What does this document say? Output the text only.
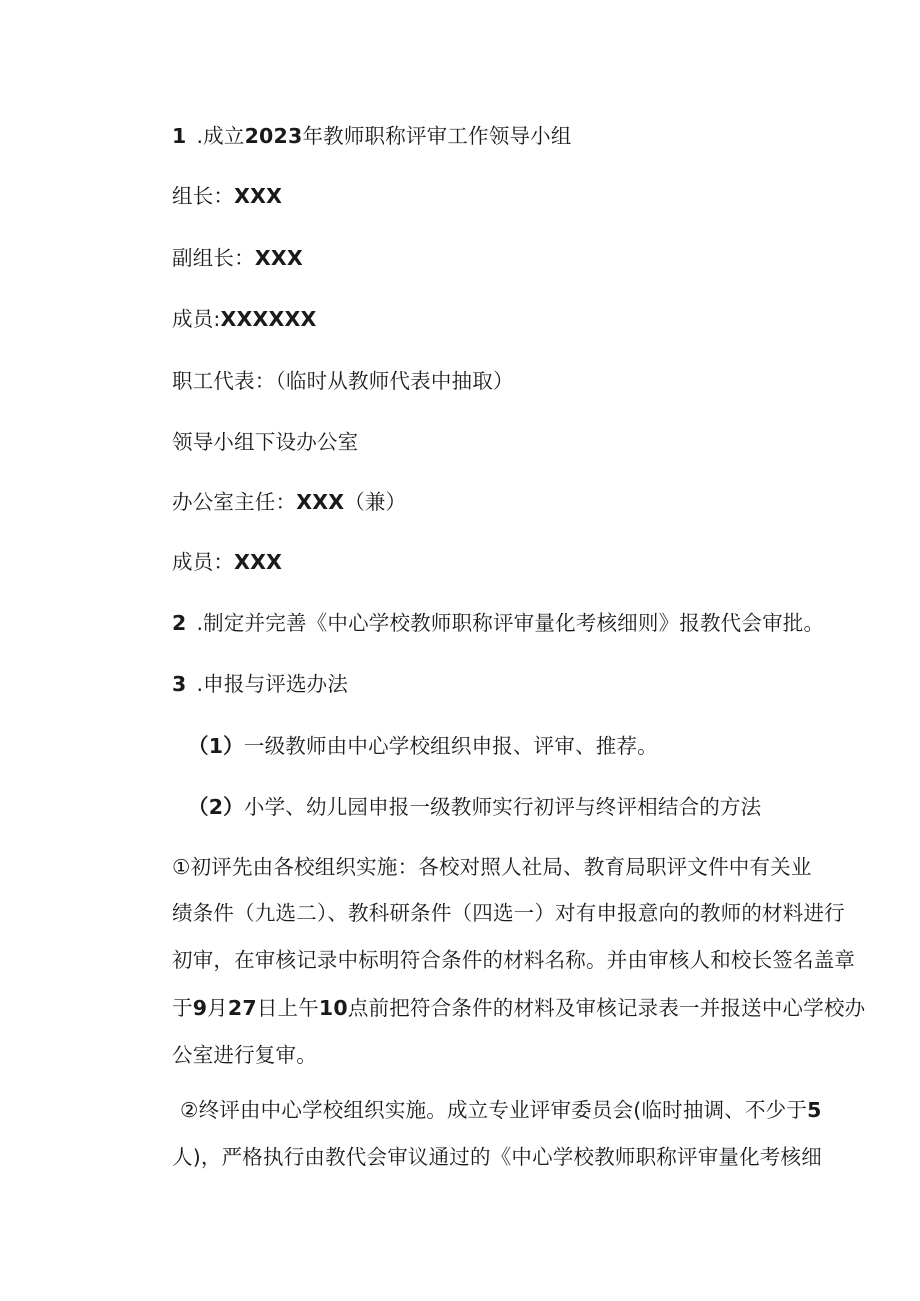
1 .成立2023年教师职称评审工作领导小组
组长：XXX
副组长：XXX
成员:XXXXXX
职工代表：（临时从教师代表中抽取）
领导小组下设办公室
办公室主任：XXX（兼）
成员：XXX
2 .制定并完善《中心学校教师职称评审量化考核细则》报教代会审批。
3 .申报与评选办法
（1）一级教师由中心学校组织申报、评审、推荐。
（2）小学、幼儿园申报一级教师实行初评与终评相结合的方法
①初评先由各校组织实施：各校对照人社局、教育局职评文件中有关业
绩条件（九选二）、教科研条件（四选一）对有申报意向的教师的材料进行
初审，在审核记录中标明符合条件的材料名称。并由审核人和校长签名盖章
于9月27日上午10点前把符合条件的材料及审核记录表一并报送中心学校办
公室进行复审。
②终评由中心学校组织实施。成立专业评审委员会(临时抽调、不少于5
人)，严格执行由教代会审议通过的《中心学校教师职称评审量化考核细
